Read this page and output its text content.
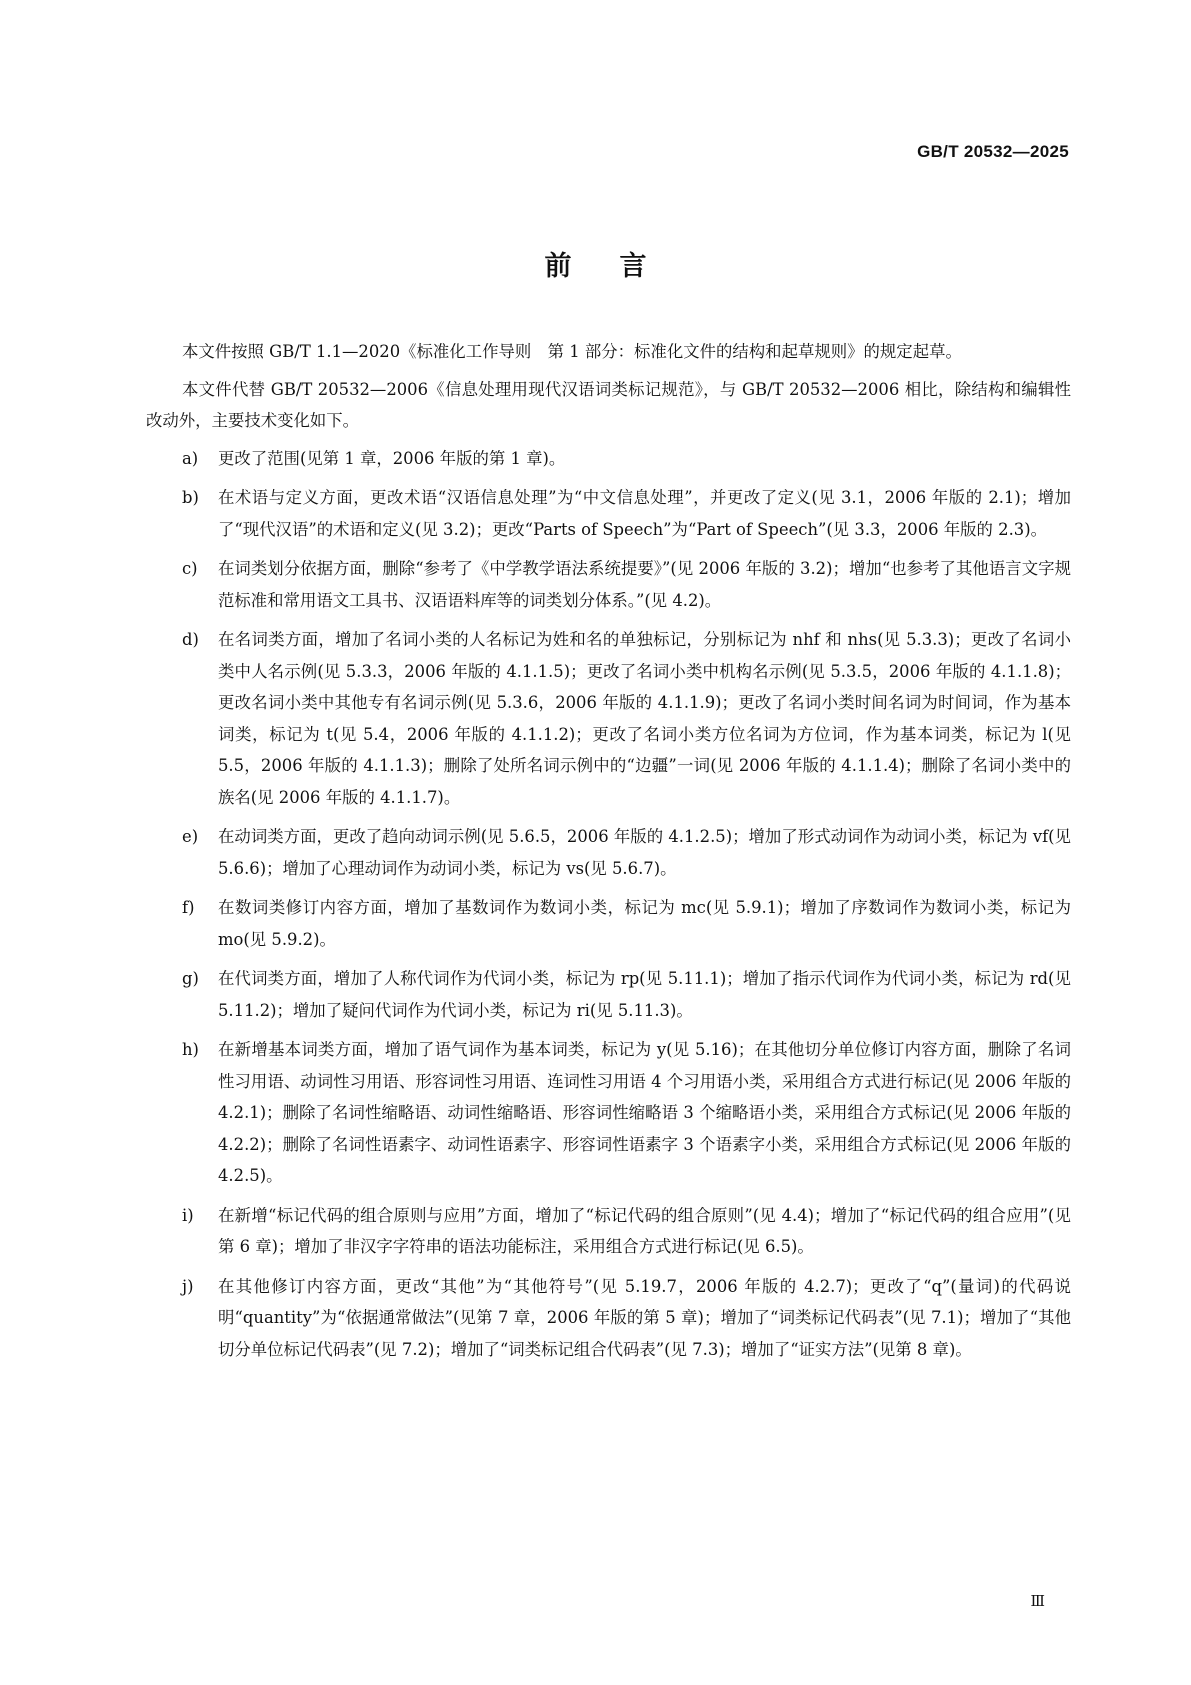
GB/T 20532—2025
前言

本文件按照 GB/T 1.1—2020《标准化工作导则　第 1 部分：标准化文件的结构和起草规则》的规定起草。

本文件代替 GB/T 20532—2006《信息处理用现代汉语词类标记规范》，与 GB/T 20532—2006 相比，除结构和编辑性改动外，主要技术变化如下。

a)	更改了范围(见第 1 章，2006 年版的第 1 章)。
b)	在术语与定义方面，更改术语“汉语信息处理”为“中文信息处理”，并更改了定义(见 3.1，2006 年版的 2.1)；增加了“现代汉语”的术语和定义(见 3.2)；更改“Parts of Speech”为“Part of Speech”(见 3.3，2006 年版的 2.3)。
c)	在词类划分依据方面，删除“参考了《中学教学语法系统提要》”(见 2006 年版的 3.2)；增加“也参考了其他语言文字规范标准和常用语文工具书、汉语语料库等的词类划分体系。”(见 4.2)。
d)	在名词类方面，增加了名词小类的人名标记为姓和名的单独标记，分别标记为 nhf 和 nhs(见 5.3.3)；更改了名词小类中人名示例(见 5.3.3，2006 年版的 4.1.1.5)；更改了名词小类中机构名示例(见 5.3.5，2006 年版的 4.1.1.8)；更改名词小类中其他专有名词示例(见 5.3.6，2006 年版的 4.1.1.9)；更改了名词小类时间名词为时间词，作为基本词类，标记为 t(见 5.4，2006 年版的 4.1.1.2)；更改了名词小类方位名词为方位词，作为基本词类，标记为 l(见 5.5，2006 年版的 4.1.1.3)；删除了处所名词示例中的“边疆”一词(见 2006 年版的 4.1.1.4)；删除了名词小类中的族名(见 2006 年版的 4.1.1.7)。
e)	在动词类方面，更改了趋向动词示例(见 5.6.5，2006 年版的 4.1.2.5)；增加了形式动词作为动词小类，标记为 vf(见 5.6.6)；增加了心理动词作为动词小类，标记为 vs(见 5.6.7)。
f)	在数词类修订内容方面，增加了基数词作为数词小类，标记为 mc(见 5.9.1)；增加了序数词作为数词小类，标记为 mo(见 5.9.2)。
g)	在代词类方面，增加了人称代词作为代词小类，标记为 rp(见 5.11.1)；增加了指示代词作为代词小类，标记为 rd(见 5.11.2)；增加了疑问代词作为代词小类，标记为 ri(见 5.11.3)。
h)	在新增基本词类方面，增加了语气词作为基本词类，标记为 y(见 5.16)；在其他切分单位修订内容方面，删除了名词性习用语、动词性习用语、形容词性习用语、连词性习用语 4 个习用语小类，采用组合方式进行标记(见 2006 年版的 4.2.1)；删除了名词性缩略语、动词性缩略语、形容词性缩略语 3 个缩略语小类，采用组合方式标记(见 2006 年版的 4.2.2)；删除了名词性语素字、动词性语素字、形容词性语素字 3 个语素字小类，采用组合方式标记(见 2006 年版的 4.2.5)。
i)	在新增“标记代码的组合原则与应用”方面，增加了“标记代码的组合原则”(见 4.4)；增加了“标记代码的组合应用”(见第 6 章)；增加了非汉字字符串的语法功能标注，采用组合方式进行标记(见 6.5)。
j)	在其他修订内容方面，更改“其他”为“其他符号”(见 5.19.7，2006 年版的 4.2.7)；更改了“q”(量词)的代码说明“quantity”为“依据通常做法”(见第 7 章，2006 年版的第 5 章)；增加了“词类标记代码表”(见 7.1)；增加了“其他切分单位标记代码表”(见 7.2)；增加了“词类标记组合代码表”(见 7.3)；增加了“证实方法”(见第 8 章)。
Ⅲ
